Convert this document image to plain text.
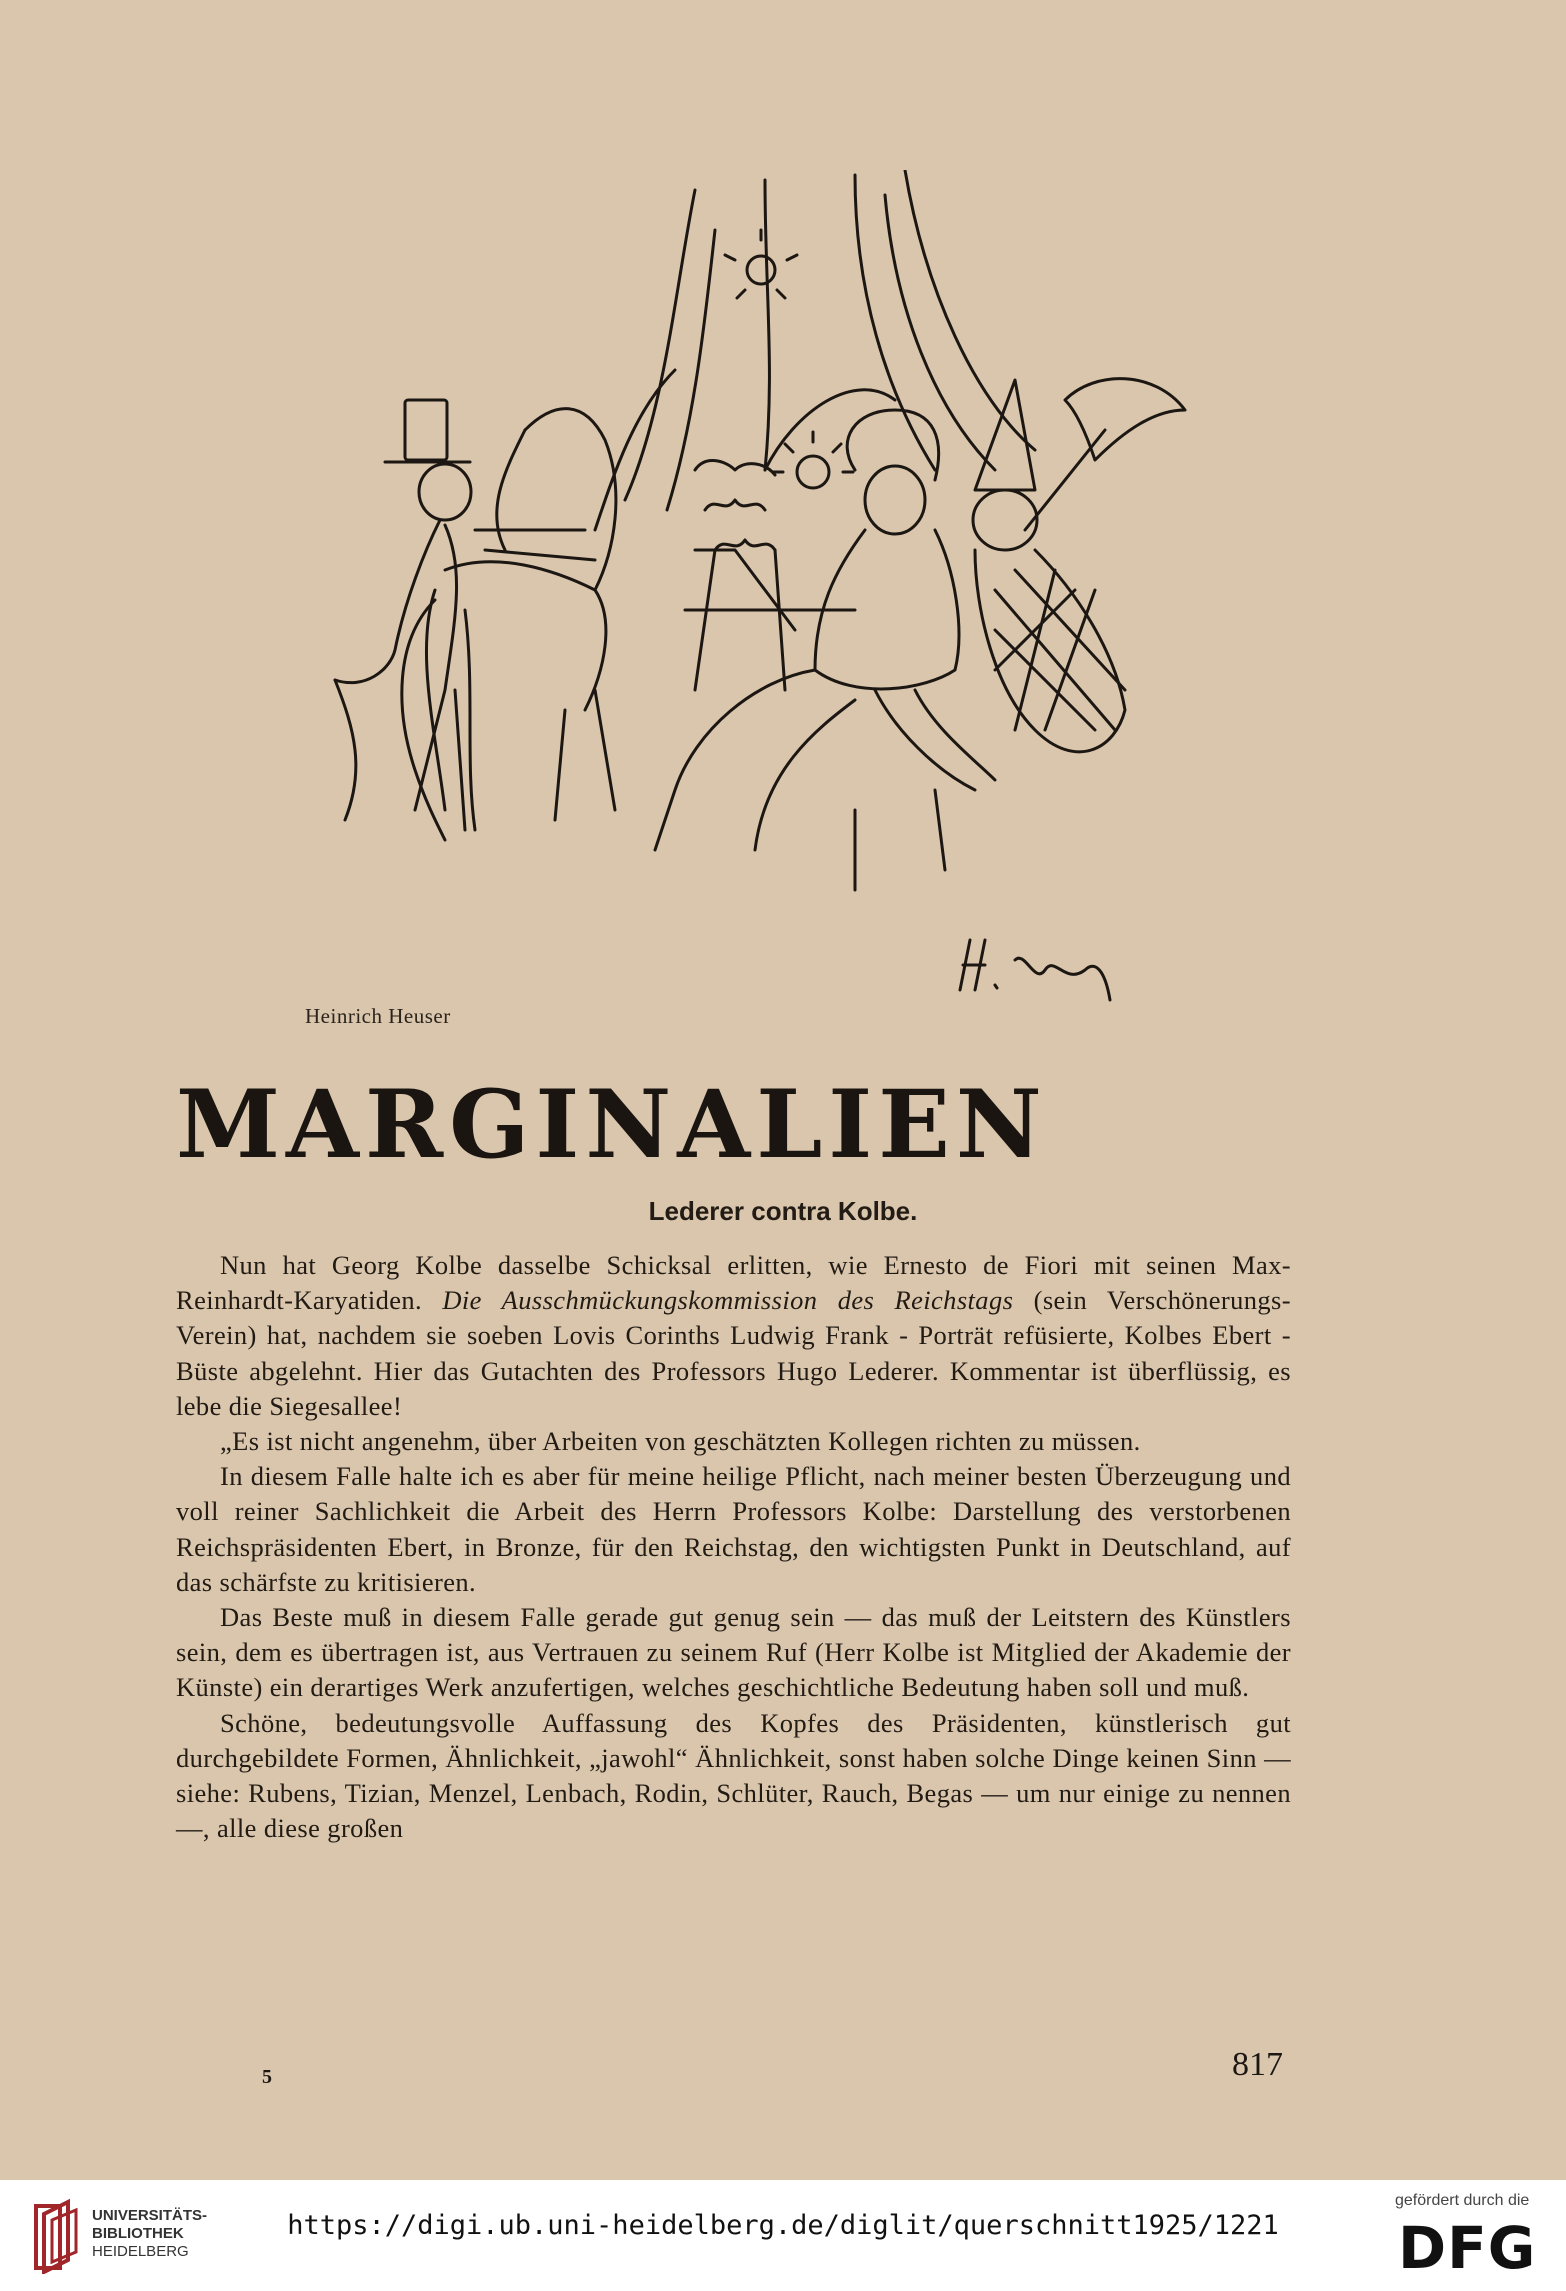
Heinrich Heuser
MARGINALIEN
Lederer contra Kolbe.

Nun hat Georg Kolbe dasselbe Schicksal erlitten, wie Ernesto de Fiori mit seinen Max-Reinhardt-Karyatiden. Die Ausschmückungskommission des Reichstags (sein Verschönerungs-Verein) hat, nachdem sie soeben Lovis Corinths Ludwig Frank - Porträt refüsierte, Kolbes Ebert - Büste abgelehnt. Hier das Gutachten des Professors Hugo Lederer. Kommentar ist überflüssig, es lebe die Siegesallee!

„Es ist nicht angenehm, über Arbeiten von geschätzten Kollegen richten zu müssen.

In diesem Falle halte ich es aber für meine heilige Pflicht, nach meiner besten Überzeugung und voll reiner Sachlichkeit die Arbeit des Herrn Professors Kolbe: Darstellung des verstorbenen Reichspräsidenten Ebert, in Bronze, für den Reichstag, den wichtigsten Punkt in Deutschland, auf das schärfste zu kritisieren.

Das Beste muß in diesem Falle gerade gut genug sein — das muß der Leitstern des Künstlers sein, dem es übertragen ist, aus Vertrauen zu seinem Ruf (Herr Kolbe ist Mitglied der Akademie der Künste) ein derartiges Werk anzufertigen, welches geschichtliche Bedeutung haben soll und muß.

Schöne, bedeutungsvolle Auffassung des Kopfes des Präsidenten, künstlerisch gut durchgebildete Formen, Ähnlichkeit, „jawohl“ Ähnlichkeit, sonst haben solche Dinge keinen Sinn — siehe: Rubens, Tizian, Menzel, Lenbach, Rodin, Schlüter, Rauch, Begas — um nur einige zu nennen —, alle diese großen

5	817
UNIVERSITÄTS-
BIBLIOTHEK
HEIDELBERG
https://digi.ub.uni-heidelberg.de/diglit/querschnitt1925/1221
gefördert durch die
DFG
